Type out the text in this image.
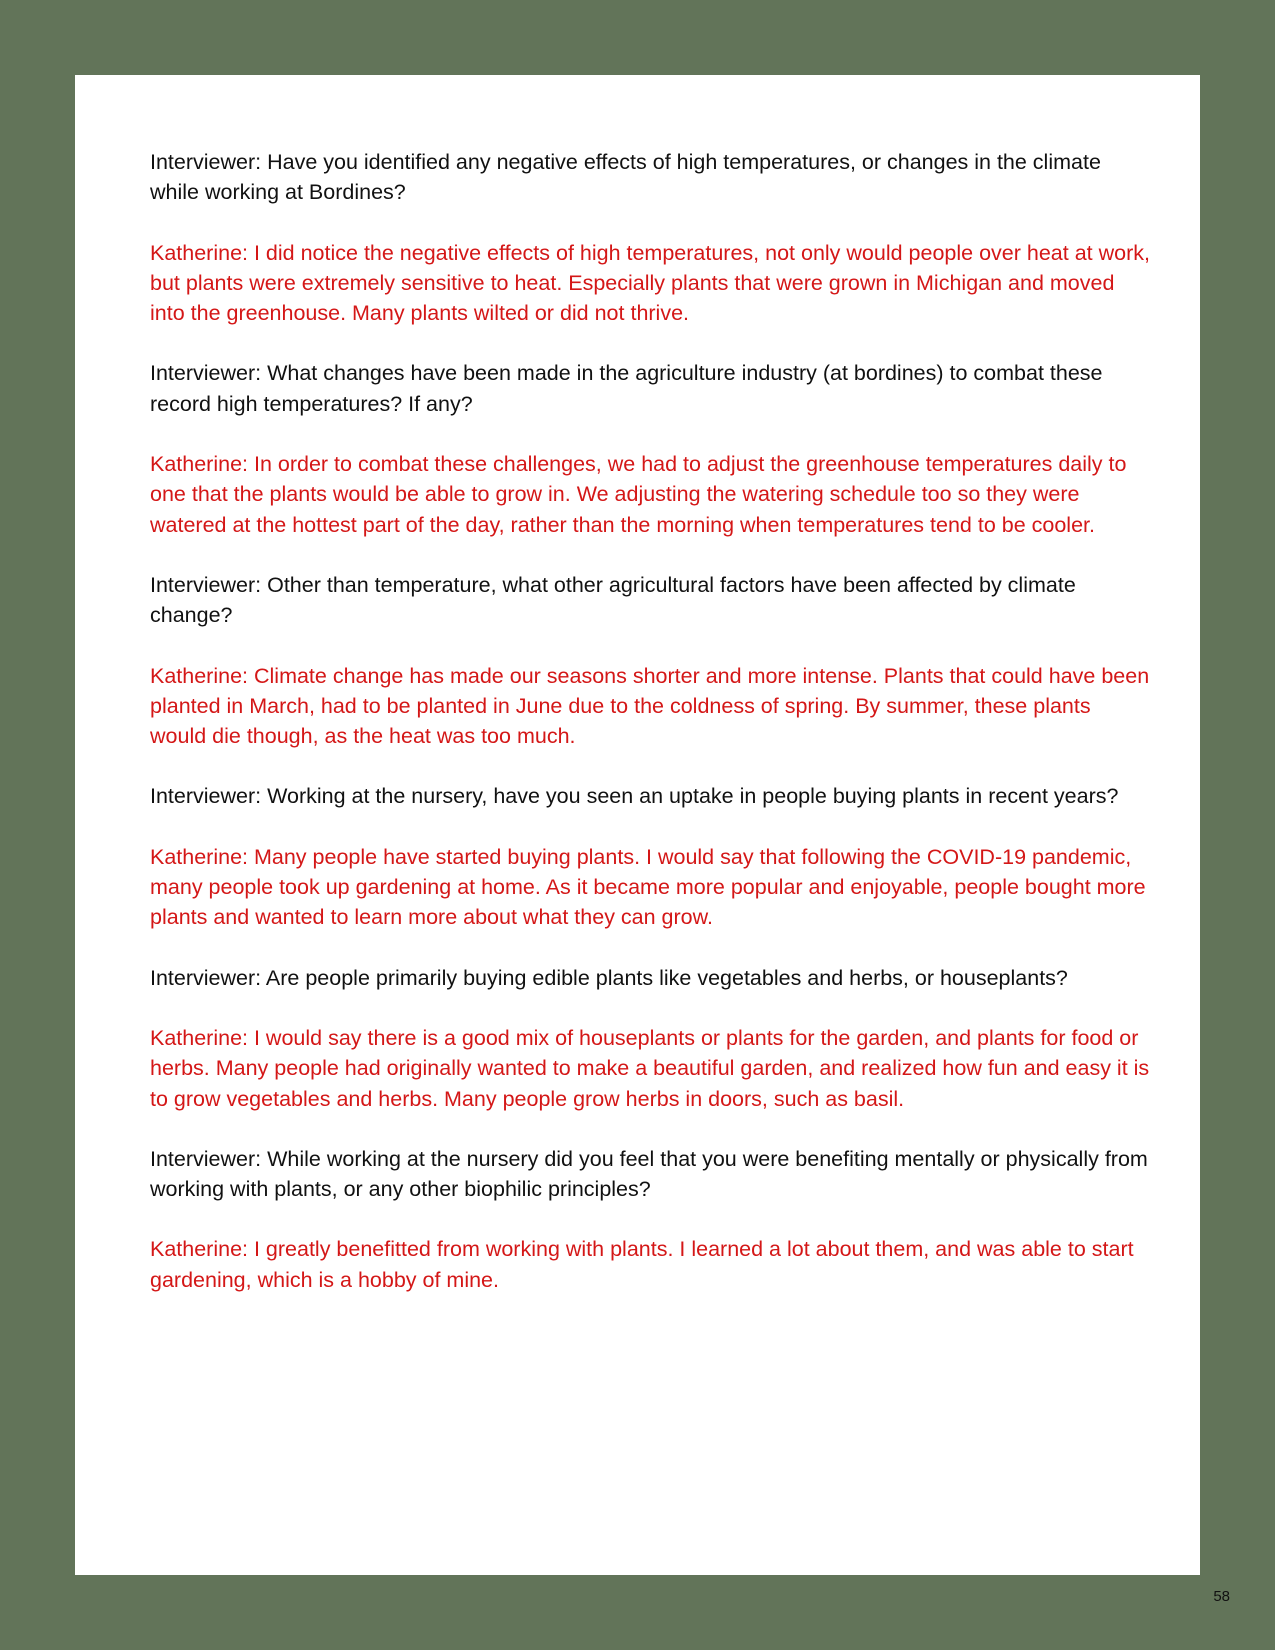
Interviewer: Have you identified any negative effects of high temperatures, or changes in the climate while working at Bordines?

Katherine: I did notice the negative effects of high temperatures, not only would people over heat at work, but plants were extremely sensitive to heat. Especially plants that were grown in Michigan and moved into the greenhouse. Many plants wilted or did not thrive.

Interviewer: What changes have been made in the agriculture industry (at bordines) to combat these record high temperatures? If any?

Katherine: In order to combat these challenges, we had to adjust the greenhouse temperatures daily to one that the plants would be able to grow in. We adjusting the watering schedule too so they were watered at the hottest part of the day, rather than the morning when temperatures tend to be cooler.

Interviewer: Other than temperature, what other agricultural factors have been affected by climate change?

Katherine: Climate change has made our seasons shorter and more intense. Plants that could have been planted in March, had to be planted in June due to the coldness of spring. By summer, these plants would die though, as the heat was too much.

Interviewer: Working at the nursery, have you seen an uptake in people buying plants in recent years?

Katherine: Many people have started buying plants. I would say that following the COVID-19 pandemic, many people took up gardening at home. As it became more popular and enjoyable, people bought more plants and wanted to learn more about what they can grow.

Interviewer: Are people primarily buying edible plants like vegetables and herbs, or houseplants?

Katherine: I would say there is a good mix of houseplants or plants for the garden, and plants for food or herbs. Many people had originally wanted to make a beautiful garden, and realized how fun and easy it is to grow vegetables and herbs. Many people grow herbs in doors, such as basil.

Interviewer: While working at the nursery did you feel that you were benefiting mentally or physically from working with plants, or any other biophilic principles?

Katherine: I greatly benefitted from working with plants. I learned a lot about them, and was able to start gardening, which is a hobby of mine.

58
